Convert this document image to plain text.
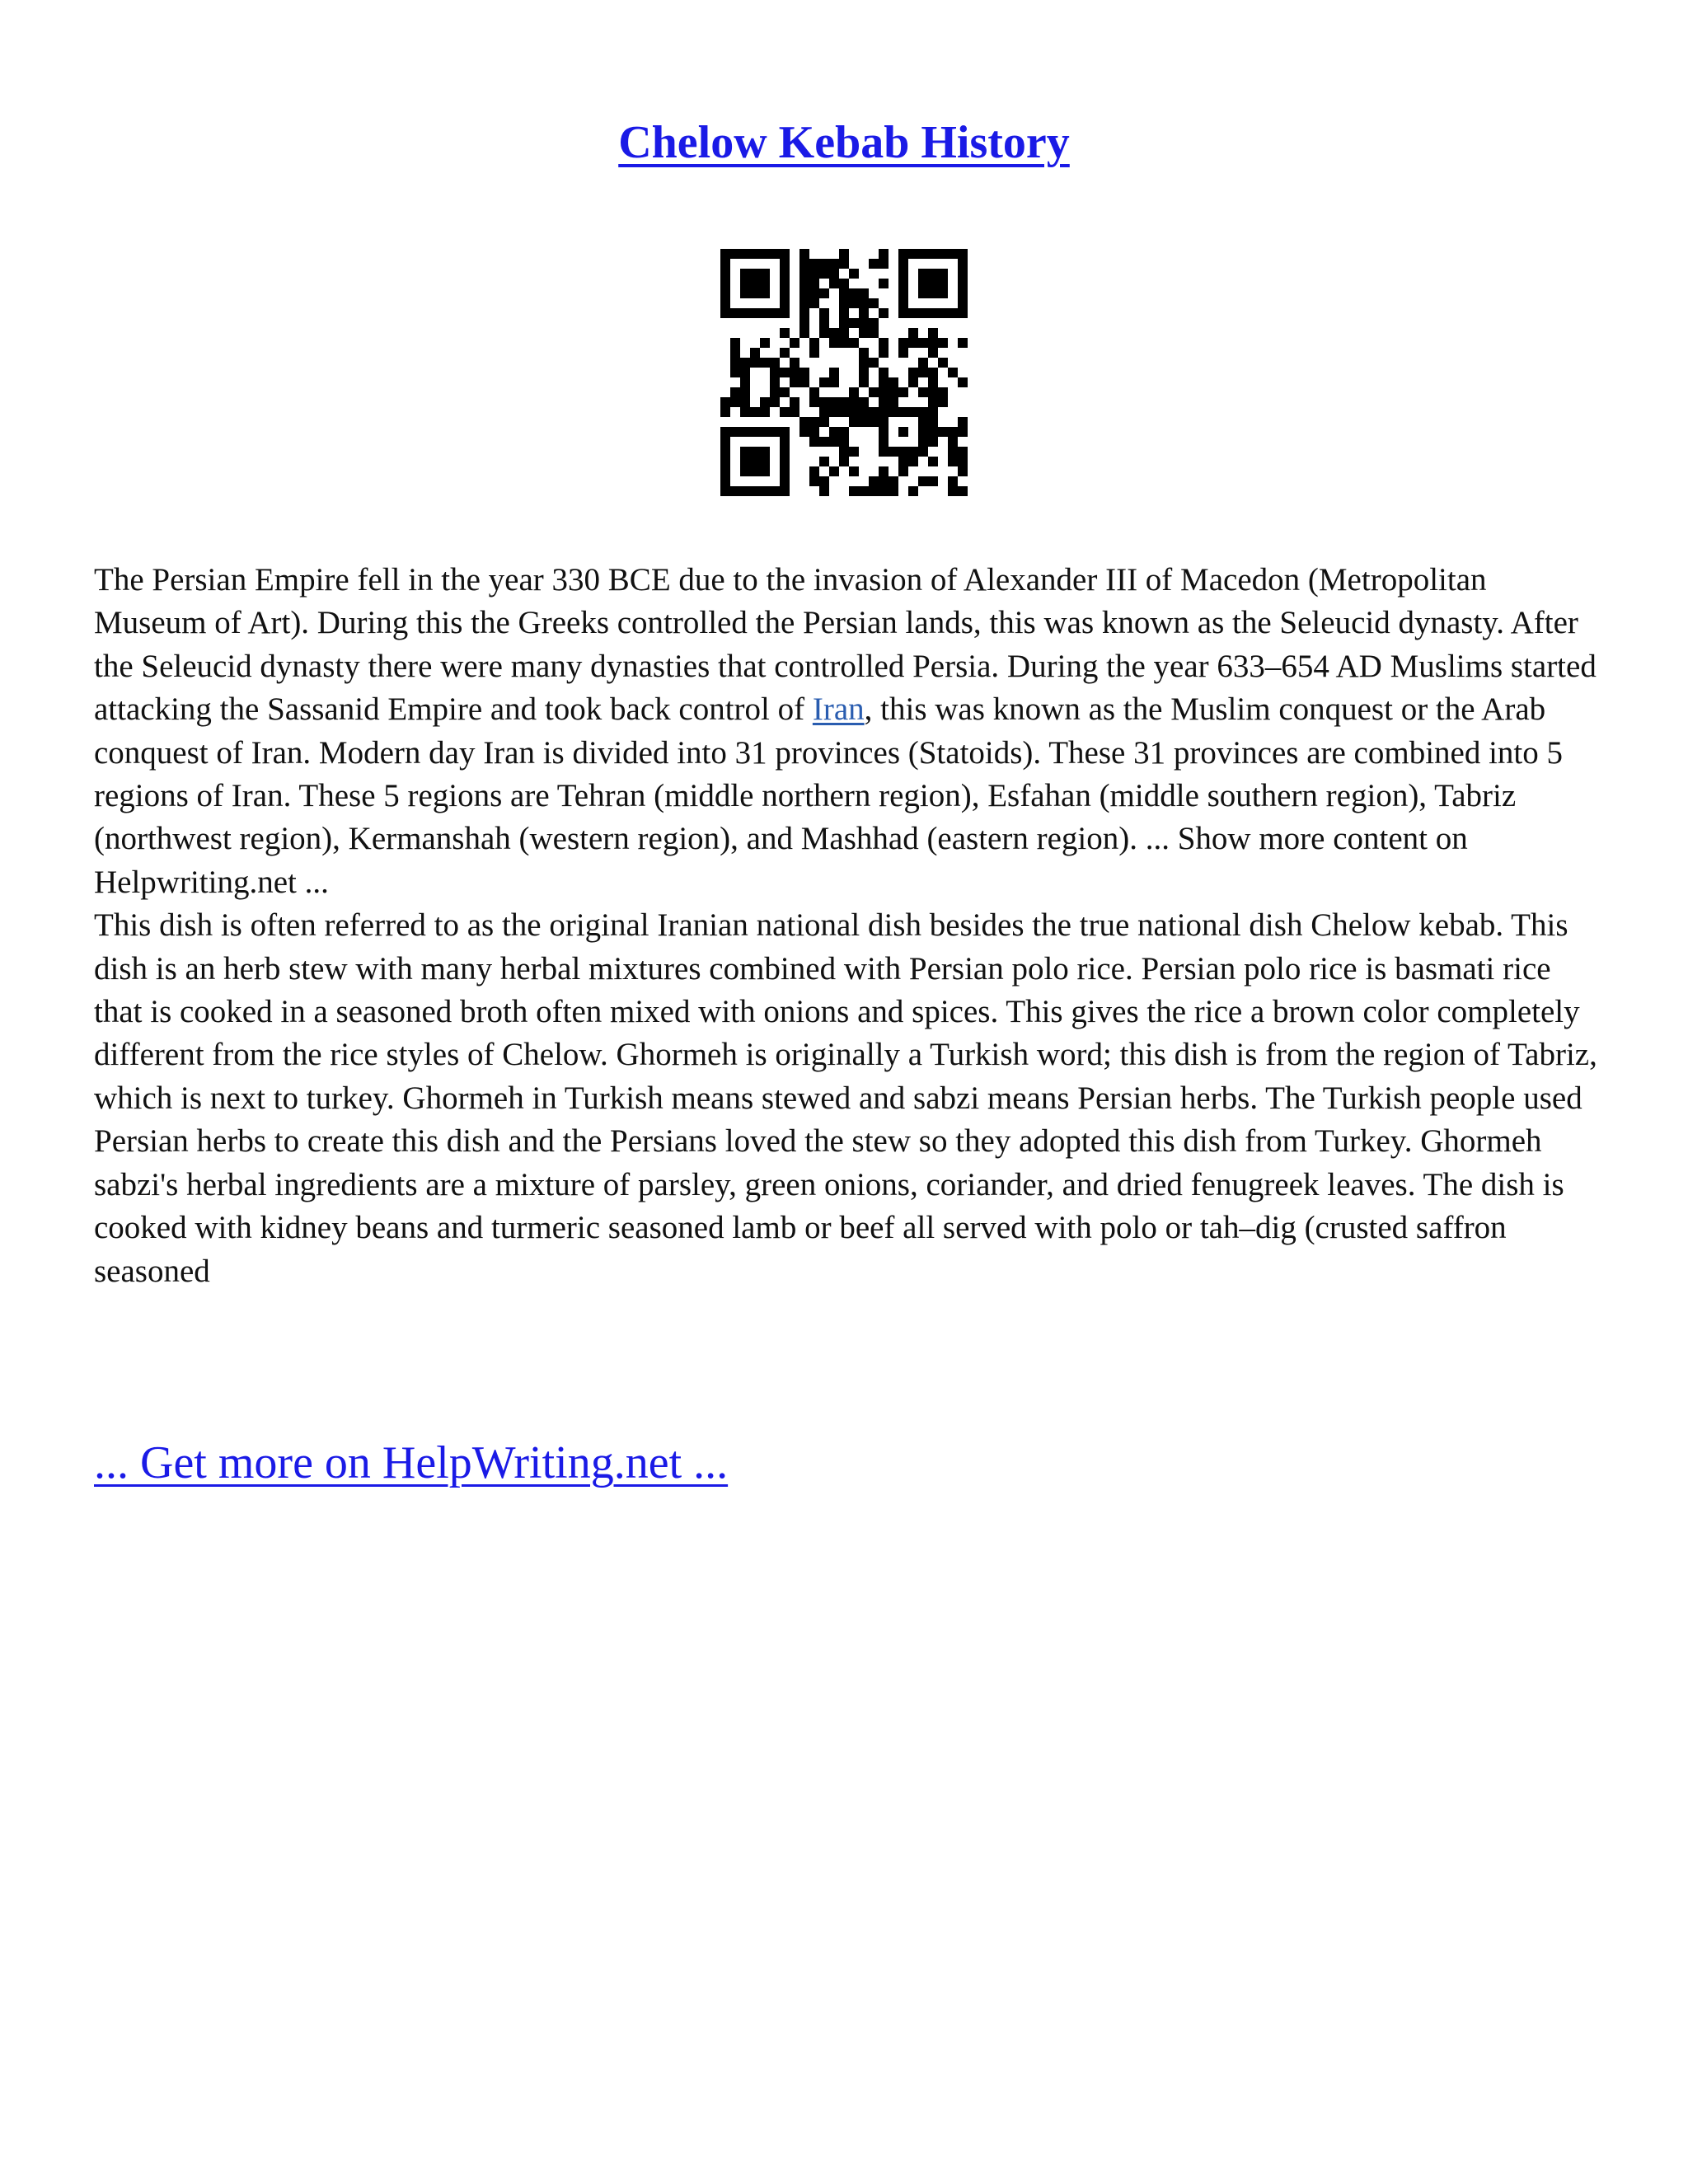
Chelow Kebab History

The Persian Empire fell in the year 330 BCE due to the invasion of Alexander III of Macedon (Metropolitan Museum of Art). During this the Greeks controlled the Persian lands, this was known as the Seleucid dynasty. After the Seleucid dynasty there were many dynasties that controlled Persia. During the year 633–654 AD Muslims started attacking the Sassanid Empire and took back control of Iran, this was known as the Muslim conquest or the Arab conquest of Iran. Modern day Iran is divided into 31 provinces (Statoids). These 31 provinces are combined into 5 regions of Iran. These 5 regions are Tehran (middle northern region), Esfahan (middle southern region), Tabriz (northwest region), Kermanshah (western region), and Mashhad (eastern region). ... Show more content on Helpwriting.net ...

This dish is often referred to as the original Iranian national dish besides the true national dish Chelow kebab. This dish is an herb stew with many herbal mixtures combined with Persian polo rice. Persian polo rice is basmati rice that is cooked in a seasoned broth often mixed with onions and spices. This gives the rice a brown color completely different from the rice styles of Chelow. Ghormeh is originally a Turkish word; this dish is from the region of Tabriz, which is next to turkey. Ghormeh in Turkish means stewed and sabzi means Persian herbs. The Turkish people used Persian herbs to create this dish and the Persians loved the stew so they adopted this dish from Turkey. Ghormeh sabzi's herbal ingredients are a mixture of parsley, green onions, coriander, and dried fenugreek leaves. The dish is cooked with kidney beans and turmeric seasoned lamb or beef all served with polo or tah–dig (crusted saffron seasoned

... Get more on HelpWriting.net ...
